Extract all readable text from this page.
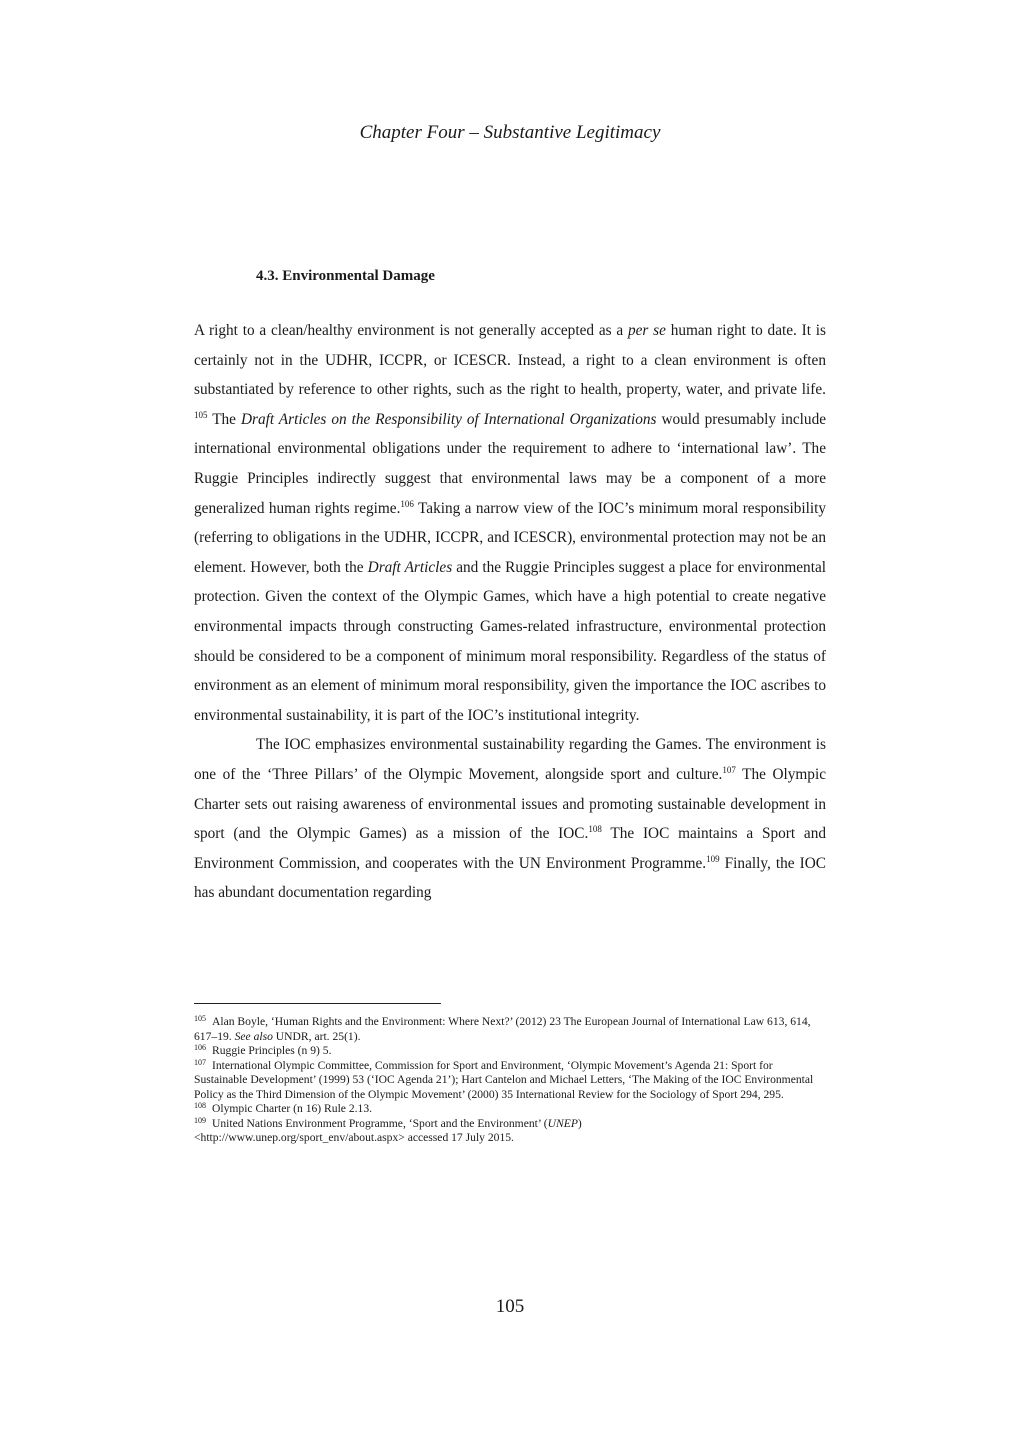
Chapter Four – Substantive Legitimacy
4.3. Environmental Damage

A right to a clean/healthy environment is not generally accepted as a per se human right to date. It is certainly not in the UDHR, ICCPR, or ICESCR. Instead, a right to a clean environment is often substantiated by reference to other rights, such as the right to health, property, water, and private life. $^{105}$ The Draft Articles on the Responsibility of International Organizations would presumably include international environmental obligations under the requirement to adhere to ‘international law’. The Ruggie Principles indirectly suggest that environmental laws may be a component of a more generalized human rights regime.$^{106}$ Taking a narrow view of the IOC’s minimum moral responsibility (referring to obligations in the UDHR, ICCPR, and ICESCR), environmental protection may not be an element. However, both the Draft Articles and the Ruggie Principles suggest a place for environmental protection. Given the context of the Olympic Games, which have a high potential to create negative environmental impacts through constructing Games-related infrastructure, environmental protection should be considered to be a component of minimum moral responsibility. Regardless of the status of environment as an element of minimum moral responsibility, given the importance the IOC ascribes to environmental sustainability, it is part of the IOC’s institutional integrity.

The IOC emphasizes environmental sustainability regarding the Games. The environment is one of the ‘Three Pillars’ of the Olympic Movement, alongside sport and culture.$^{107}$ The Olympic Charter sets out raising awareness of environmental issues and promoting sustainable development in sport (and the Olympic Games) as a mission of the IOC.$^{108}$ The IOC maintains a Sport and Environment Commission, and cooperates with the UN Environment Programme.$^{109}$ Finally, the IOC has abundant documentation regarding

$^{105}$ Alan Boyle, ‘Human Rights and the Environment: Where Next?’ (2012) 23 The European Journal of International Law 613, 614, 617–19. See also UNDR, art. 25(1).

$^{106}$ Ruggie Principles (n 9) 5.

$^{107}$ International Olympic Committee, Commission for Sport and Environment, ‘Olympic Movement’s Agenda 21: Sport for Sustainable Development’ (1999) 53 (‘IOC Agenda 21’); Hart Cantelon and Michael Letters, ‘The Making of the IOC Environmental Policy as the Third Dimension of the Olympic Movement’ (2000) 35 International Review for the Sociology of Sport 294, 295.

$^{108}$ Olympic Charter (n 16) Rule 2.13.

$^{109}$ United Nations Environment Programme, ‘Sport and the Environment’ (UNEP)
<http://www.unep.org/sport_env/about.aspx> accessed 17 July 2015.

105
